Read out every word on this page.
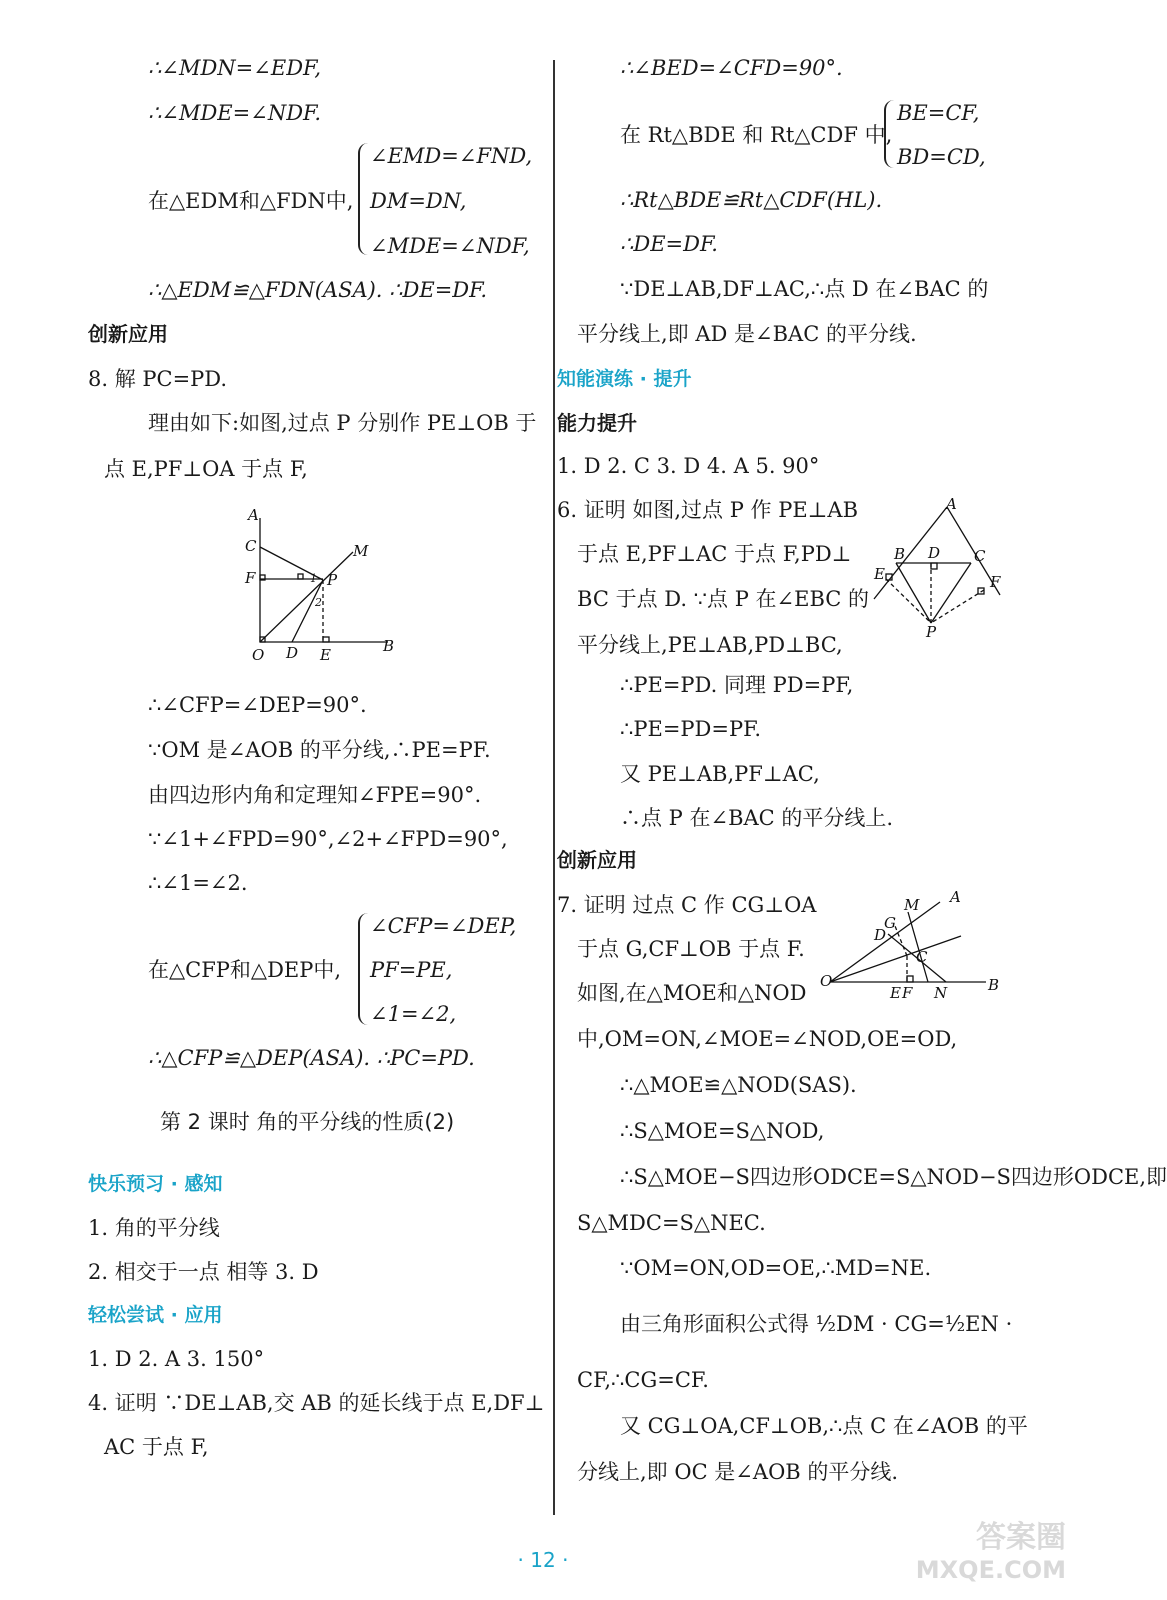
∴∠MDN=∠EDF,
∴∠MDE=∠NDF.
在△EDM和△FDN中,
∠EMD=∠FND,
DM=DN,
∠MDE=∠NDF,
∴△EDM≌△FDN(ASA). ∴DE=DF.
创新应用
8. 解 PC=PD.
理由如下:如图,过点 P 分别作 PE⊥OB 于
点 E,PF⊥OA 于点 F,
A
C
F
M
P
1
2
O D E	B
∴∠CFP=∠DEP=90°.
∵OM 是∠AOB 的平分线,∴PE=PF.
由四边形内角和定理知∠FPE=90°.
∵∠1+∠FPD=90°,∠2+∠FPD=90°,
∴∠1=∠2.
在△CFP和△DEP中,
∠CFP=∠DEP,
PF=PE,
∠1=∠2,
∴△CFP≌△DEP(ASA). ∴PC=PD.
第 2 课时 角的平分线的性质(2)
快乐预习 · 感知
1. 角的平分线
2. 相交于一点 相等 3. D
轻松尝试 · 应用
1. D 2. A 3. 150°
4. 证明 ∵DE⊥AB,交 AB 的延长线于点 E,DF⊥
AC 于点 F,
∴∠BED=∠CFD=90°.
在 Rt△BDE 和 Rt△CDF 中,
BE=CF,
BD=CD,
∴Rt△BDE≌Rt△CDF(HL).
∴DE=DF.
∵DE⊥AB,DF⊥AC,∴点 D 在∠BAC 的
平分线上,即 AD 是∠BAC 的平分线.
知能演练 · 提升
能力提升
1. D 2. C 3. D 4. A 5. 90°
6. 证明 如图,过点 P 作 PE⊥AB
于点 E,PF⊥AC 于点 F,PD⊥
BC 于点 D. ∵点 P 在∠EBC 的
平分线上,PE⊥AB,PD⊥BC,
∴PE=PD. 同理 PD=PF,
∴PE=PD=PF.
又 PE⊥AB,PF⊥AC,
∴点 P 在∠BAC 的平分线上.
A
B D C
E	F
P
创新应用
7. 证明 过点 C 作 CG⊥OA
于点 G,CF⊥OB 于点 F.
如图,在△MOE和△NOD
A
M
G
D
C
O
E F N	B
中,OM=ON,∠MOE=∠NOD,OE=OD,
∴△MOE≌△NOD(SAS).
∴S△MOE=S△NOD,
∴S△MOE−S四边形ODCE=S△NOD−S四边形ODCE,即
S△MDC=S△NEC.
∵OM=ON,OD=OE,∴MD=NE.
由三角形面积公式得 ½DM · CG=½EN ·
CF,∴CG=CF.
又 CG⊥OA,CF⊥OB,∴点 C 在∠AOB 的平
分线上,即 OC 是∠AOB 的平分线.
· 12 ·
答案圈
MXQE.COM
